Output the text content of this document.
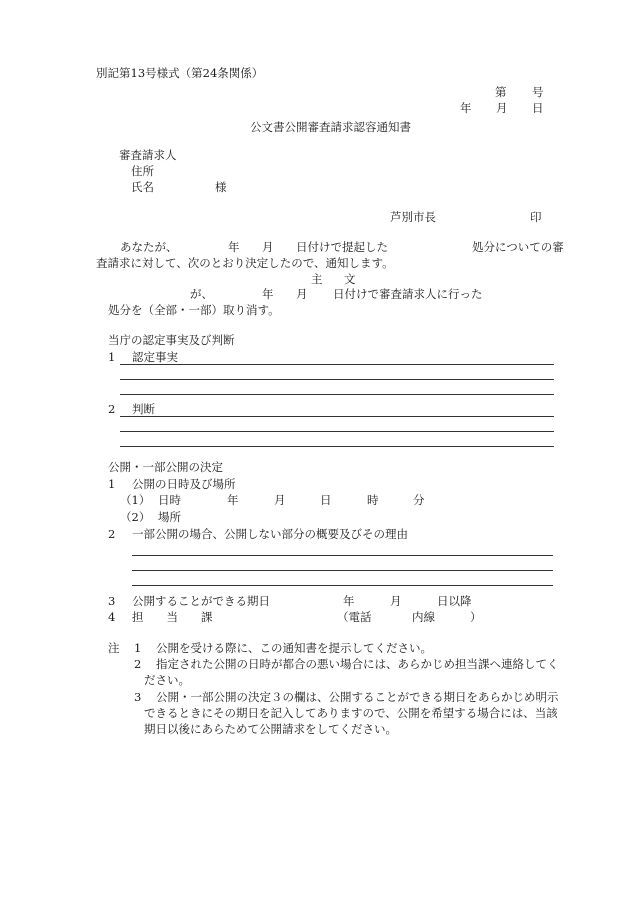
別記第13号様式（第24条関係）
第 号
年 月 日
公文書公開審査請求認容通知書
審査請求人
住所
氏名	様
芦別市長	印
あなたが、	年 月 日付けで提起した	処分についての審
査請求に対して、次のとおり決定したので、通知します。
主 文
が、	年 月 日付けで審査請求人に行った
処分を（全部・一部）取り消す。
当庁の認定事実及び判断
1 認定事実
2 判断
公開・一部公開の決定
1 公開の日時及び場所
（1） 日時	年	月	日	時	分
（2） 場所
2 一部公開の場合、公開しない部分の概要及びその理由
3 公開することができる期日	年	月	日以降
4 担　　当　　課	（電話	内線	）
注 1 公開を受ける際に、この通知書を提示してください。
2 指定された公開の日時が都合の悪い場合には、あらかじめ担当課へ連絡してく
ださい。
3 公開・一部公開の決定３の欄は、公開することができる期日をあらかじめ明示
できるときにその期日を記入してありますので、公開を希望する場合には、当該
期日以後にあらためて公開請求をしてください。
